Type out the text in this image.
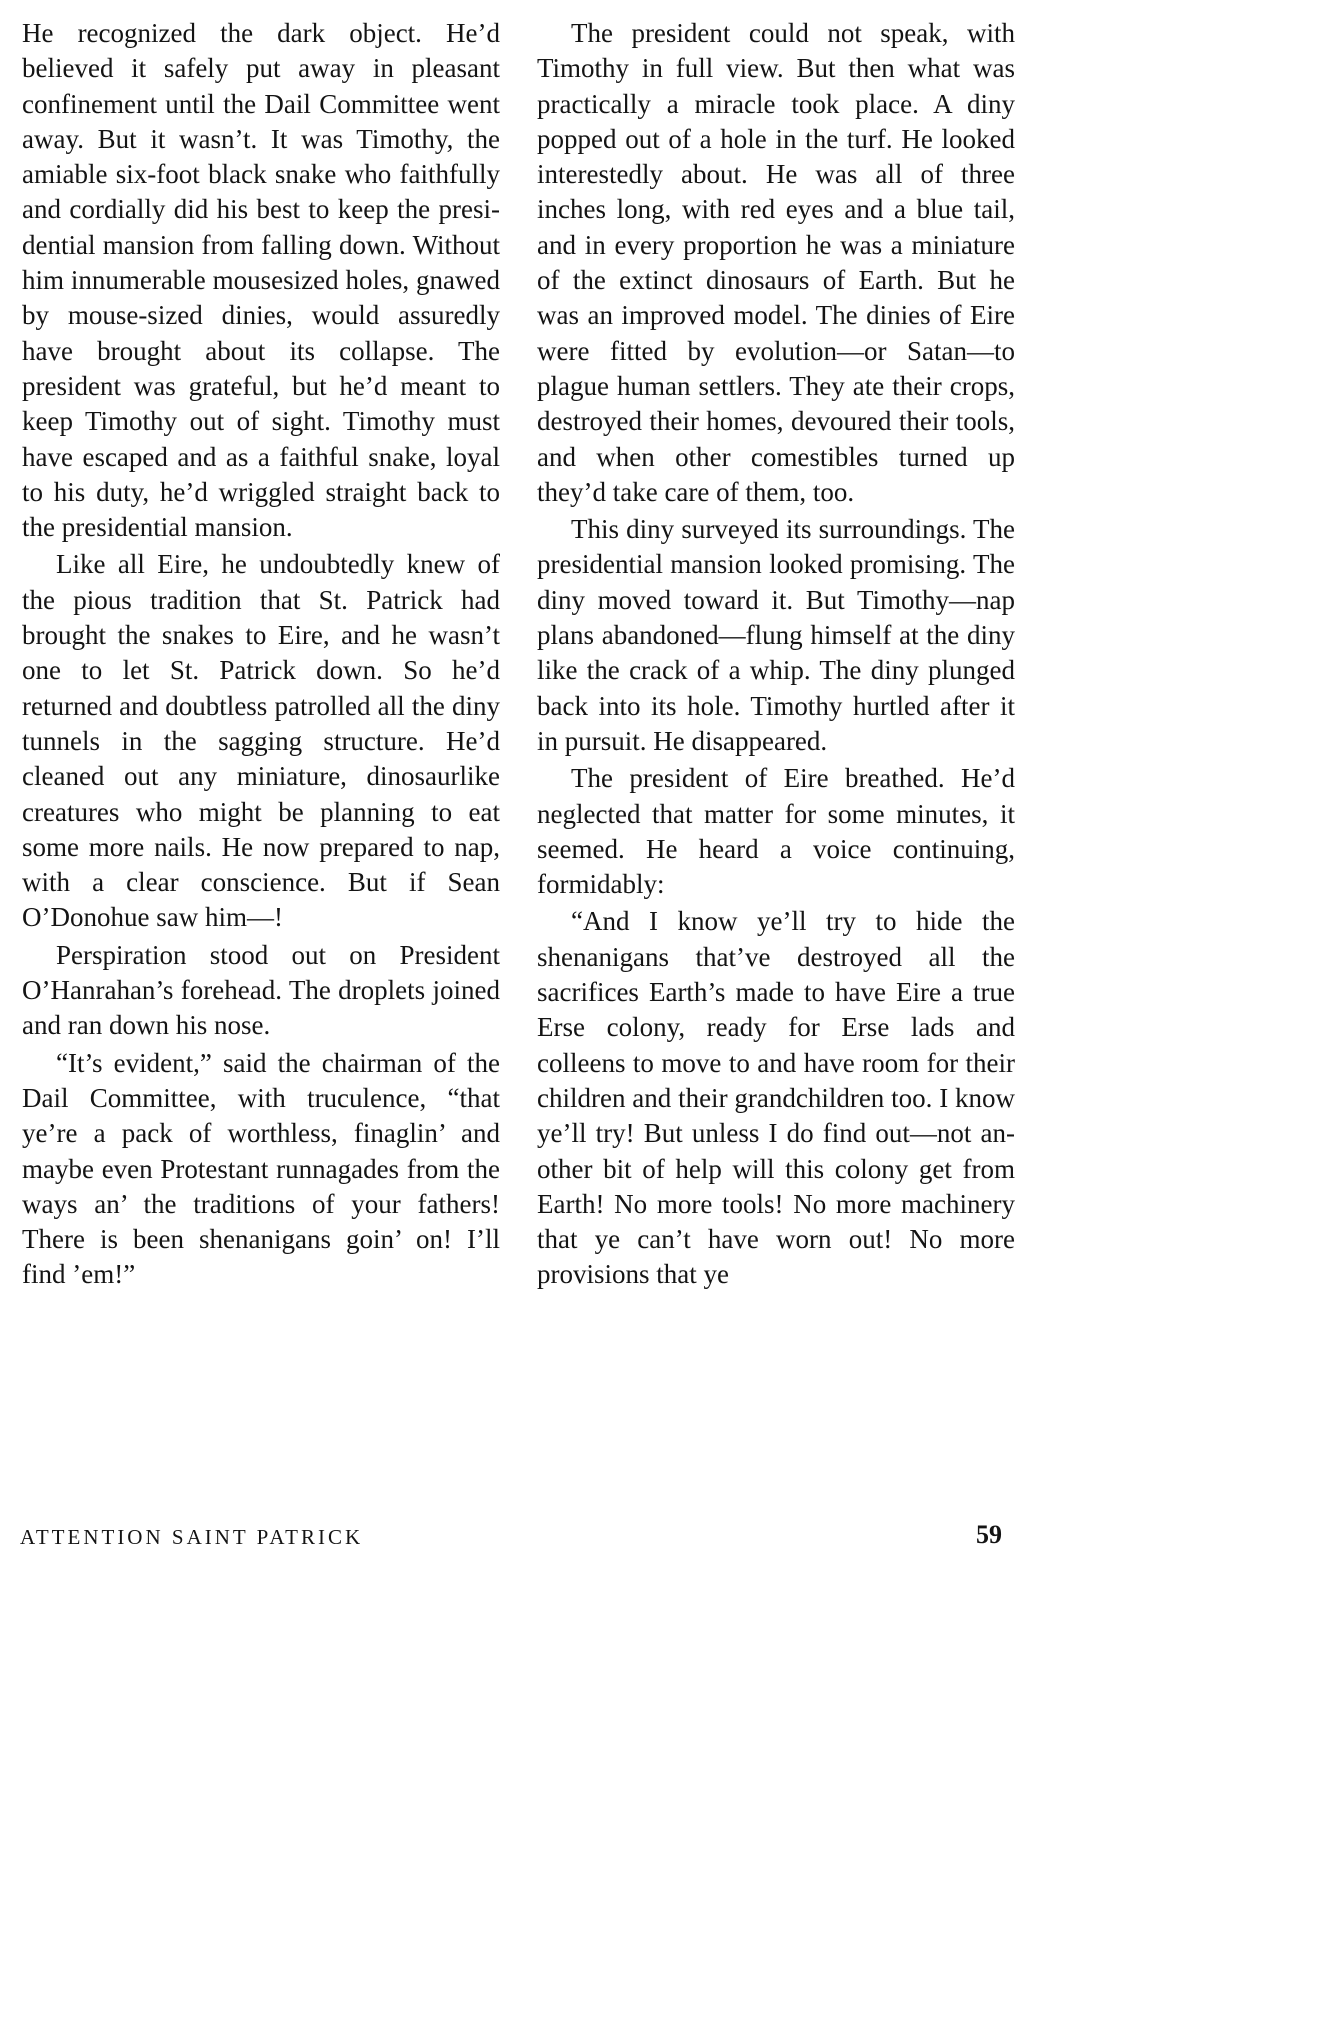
He recognized the dark object. He’d believed it safely put away in pleasant confinement until the Dail Committee went away. But it wasn’t. It was Timothy, the amiable six-foot black snake who faithfully and cordially did his best to keep the presidential mansion from falling down. Without him innumerable mousesized holes, gnawed by mouse-sized dinies, would assuredly have brought about its collapse. The president was grateful, but he’d meant to keep Timothy out of sight. Timothy must have escaped and as a faithful snake, loyal to his duty, he’d wriggled straight back to the presidential mansion.

Like all Eire, he undoubtedly knew of the pious tradition that St. Patrick had brought the snakes to Eire, and he wasn’t one to let St. Patrick down. So he’d returned and doubtless patrolled all the diny tunnels in the sagging structure. He’d cleaned out any miniature, dinosaurlike creatures who might be planning to eat some more nails. He now prepared to nap, with a clear conscience. But if Sean O’Donohue saw him—!

Perspiration stood out on President O’Hanrahan’s forehead. The droplets joined and ran down his nose.

“It’s evident,” said the chairman of the Dail Committee, with truculence, “that ye’re a pack of worthless, finaglin’ and maybe even Protestant runnagades from the ways an’ the traditions of your fathers! There is been shenanigans goin’ on! I’ll find ’em!”

The president could not speak, with Timothy in full view. But then what was practically a miracle took place. A diny popped out of a hole in the turf. He looked interestedly about. He was all of three inches long, with red eyes and a blue tail, and in every proportion he was a miniature of the extinct dinosaurs of Earth. But he was an improved model. The dinies of Eire were fitted by evolution—or Satan—to plague human settlers. They ate their crops, destroyed their homes, devoured their tools, and when other comestibles turned up they’d take care of them, too.

This diny surveyed its surroundings. The presidential mansion looked promising. The diny moved toward it. But Timothy—nap plans abandoned—flung himself at the diny like the crack of a whip. The diny plunged back into its hole. Timothy hurtled after it in pursuit. He disappeared.

The president of Eire breathed. He’d neglected that matter for some minutes, it seemed. He heard a voice continuing, formidably:

“And I know ye’ll try to hide the shenanigans that’ve destroyed all the sacrifices Earth’s made to have Eire a true Erse colony, ready for Erse lads and colleens to move to and have room for their children and their grandchildren too. I know ye’ll try! But unless I do find out—not another bit of help will this colony get from Earth! No more tools! No more machinery that ye can’t have worn out! No more provisions that ye

ATTENTION SAINT PATRICK	59
